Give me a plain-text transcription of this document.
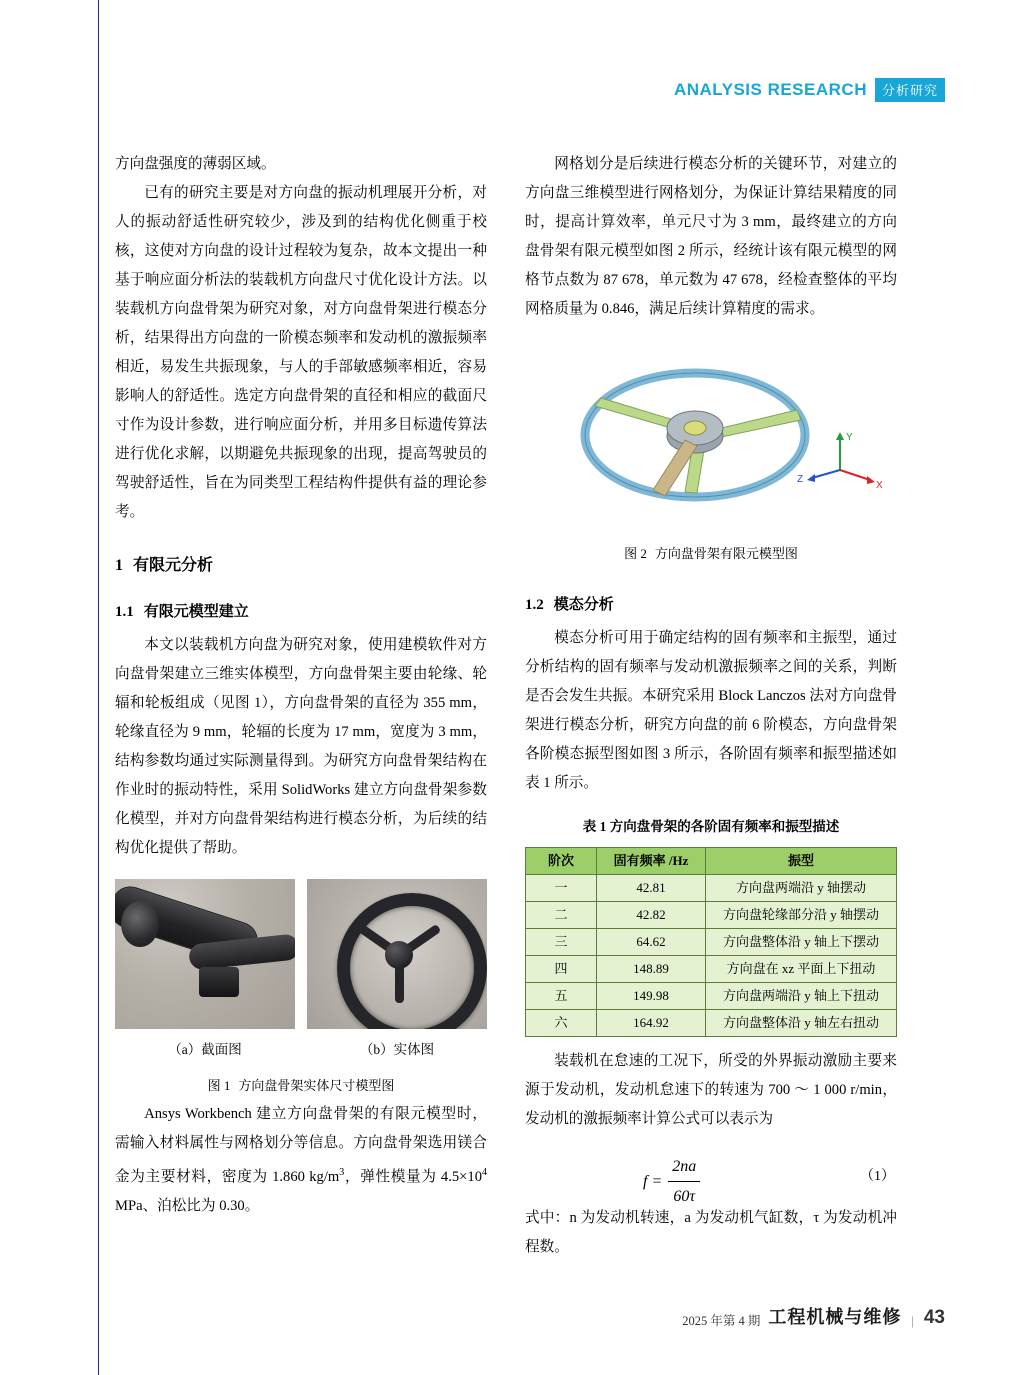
ANALYSIS RESEARCH	分析研究

方向盘强度的薄弱区域。

已有的研究主要是对方向盘的振动机理展开分析，对人的振动舒适性研究较少，涉及到的结构优化侧重于校核，这使对方向盘的设计过程较为复杂，故本文提出一种基于响应面分析法的装载机方向盘尺寸优化设计方法。以装载机方向盘骨架为研究对象，对方向盘骨架进行模态分析，结果得出方向盘的一阶模态频率和发动机的激振频率相近，易发生共振现象，与人的手部敏感频率相近，容易影响人的舒适性。选定方向盘骨架的直径和相应的截面尺寸作为设计参数，进行响应面分析，并用多目标遗传算法进行优化求解，以期避免共振现象的出现，提高驾驶员的驾驶舒适性，旨在为同类型工程结构件提供有益的理论参考。

1 有限元分析
1.1 有限元模型建立

本文以装载机方向盘为研究对象，使用建模软件对方向盘骨架建立三维实体模型，方向盘骨架主要由轮缘、轮辐和轮板组成（见图 1），方向盘骨架的直径为 355 mm，轮缘直径为 9 mm，轮辐的长度为 17 mm，宽度为 3 mm，结构参数均通过实际测量得到。为研究方向盘骨架结构在作业时的振动特性，采用 SolidWorks 建立方向盘骨架参数化模型，并对方向盘骨架结构进行模态分析，为后续的结构优化提供了帮助。

（a）截面图	（b）实体图
图 1 方向盘骨架实体尺寸模型图

Ansys Workbench 建立方向盘骨架的有限元模型时，需输入材料属性与网格划分等信息。方向盘骨架选用镁合金为主要材料，密度为 1.860 $kg/m^3$，弹性模量为 $4.5\times 10^4$ MPa、泊松比为 0.30。

网格划分是后续进行模态分析的关键环节，对建立的方向盘三维模型进行网格划分，为保证计算结果精度的同时，提高计算效率，单元尺寸为 3 mm，最终建立的方向盘骨架有限元模型如图 2 所示，经统计该有限元模型的网格节点数为 87 678，单元数为 47 678，经检查整体的平均网格质量为 0.846，满足后续计算精度的需求。

Y
X
Z
图 2 方向盘骨架有限元模型图
1.2 模态分析

模态分析可用于确定结构的固有频率和主振型，通过分析结构的固有频率与发动机激振频率之间的关系，判断是否会发生共振。本研究采用 Block Lanczos 法对方向盘骨架进行模态分析，研究方向盘的前 6 阶模态，方向盘骨架各阶模态振型图如图 3 所示，各阶固有频率和振型描述如表 1 所示。

表 1 方向盘骨架的各阶固有频率和振型描述
阶次	固有频率 /Hz	振型
一	42.81	方向盘两端沿 y 轴摆动
二	42.82	方向盘轮缘部分沿 y 轴摆动
三	64.62	方向盘整体沿 y 轴上下摆动
四	148.89	方向盘在 xz 平面上下扭动
五	149.98	方向盘两端沿 y 轴上下扭动
六	164.92	方向盘整体沿 y 轴左右扭动

装载机在怠速的工况下，所受的外界振动激励主要来源于发动机，发动机怠速下的转速为 700 ～ 1 000 r/min，发动机的激振频率计算公式可以表示为

$f = \frac{2na}{60\tau}$	（1）

式中：n 为发动机转速，a 为发动机气缸数，τ 为发动机冲程数。

2025 年第 4 期 工程机械与维修 | 43
